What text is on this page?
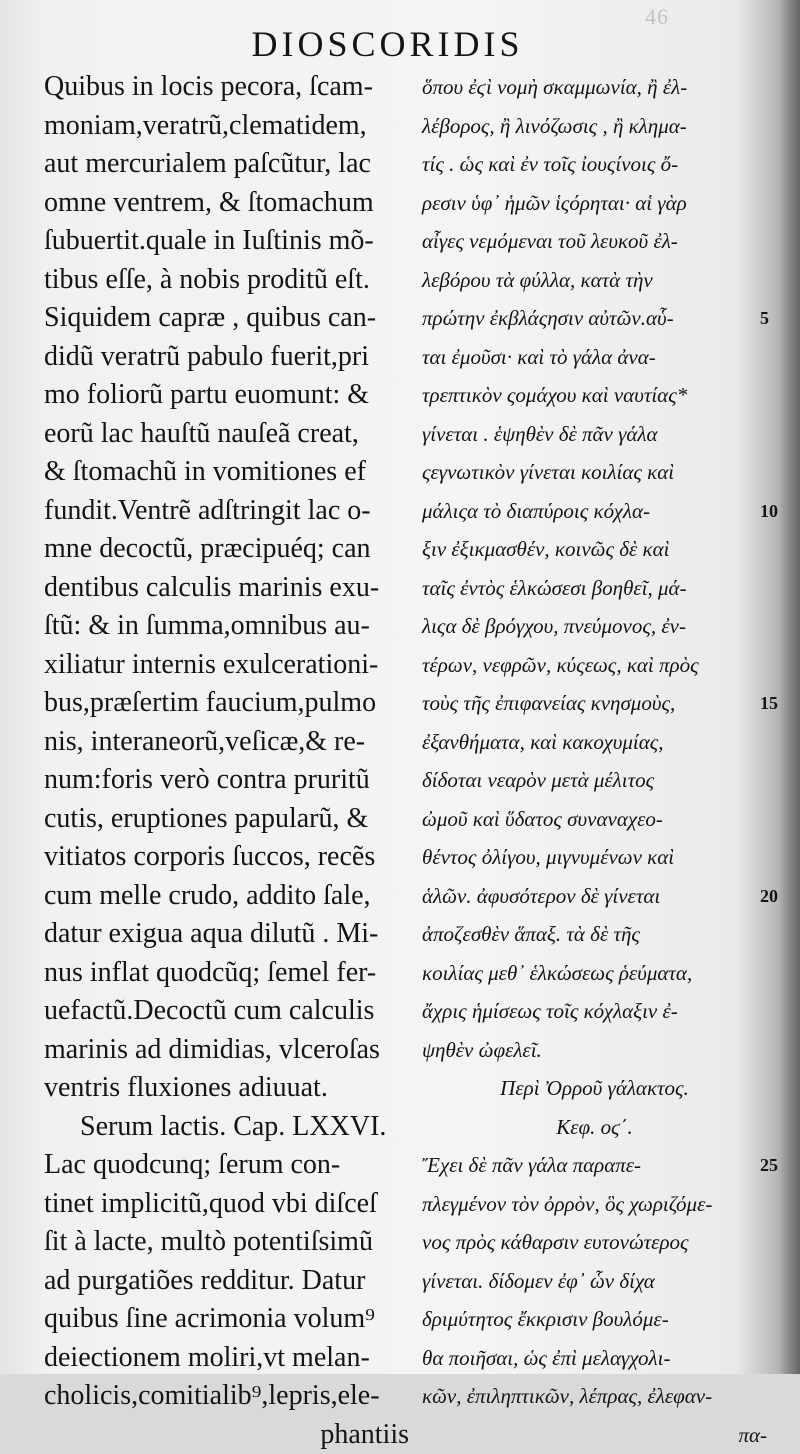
46
DIOSCORIDIS
Quibus in locis pecora, ſcam-
moniam,veratrũ,clematidem,
aut mercurialem paſcũtur, lac
omne ventrem, & ſtomachum
ſubuertit.quale in Iuſtinis mõ-
tibus eſſe, à nobis proditũ eſt.
Siquidem capræ , quibus can-
didũ veratrũ pabulo fuerit,pri
mo foliorũ partu euomunt: &
eorũ lac hauſtũ nauſeã creat,
& ſtomachũ in vomitiones ef
fundit.Ventrẽ adſtringit lac o-
mne decoctũ, præcipuéq; can
dentibus calculis marinis exu-
ſtũ: & in ſumma,omnibus au-
xiliatur internis exulcerationi-
bus,præſertim faucium,pulmo
nis, interaneorũ,veſicæ,& re-
num:foris verò contra pruritũ
cutis, eruptiones papularũ, &
vitiatos corporis ſuccos, recẽs
cum melle crudo, addito ſale,
datur exigua aqua dilutũ . Mi-
nus inflat quodcũq; ſemel fer-
uefactũ.Decoctũ cum calculis
marinis ad dimidias, vlceroſas
ventris fluxiones adiuuat.
Serum lactis. Cap. LXXVI.
Lac quodcunq; ſerum con-
tinet implicitũ,quod vbi diſceſ
ſit à lacte, multò potentiſsimũ
ad purgatiões redditur. Datur
quibus ſine acrimonia volum⁹
deiectionem moliri,vt melan-
cholicis,comitialib⁹,lepris,ele-
phantiis
ὅπου ἐϛὶ νομὴ σκαμμωνία, ἢ ἐλ-
λέβορος, ἢ λινόζωσις , ἢ κλημα-
τίς . ὡς καὶ ἐν τοῖς ἰουςίνοις ὄ-
ρεσιν ὑφ᾽ ἡμῶν ἱςόρηται· αἱ γὰρ
αἶγες νεμόμεναι τοῦ λευκοῦ ἐλ-
λεβόρου τὰ φύλλα, κατὰ τὴν
πρώτην ἐκβλάςησιν αὐτῶν.αὗ-
ται ἐμοῦσι· καὶ τὸ γάλα ἀνα-
τρεπτικὸν ςομάχου καὶ ναυτίας*
γίνεται . ἑψηθὲν δὲ πᾶν γάλα
ςεγνωτικὸν γίνεται κοιλίας καὶ
μάλιςα τὸ διαπύροις κόχλα-
ξιν ἐξικμασθέν, κοινῶς δὲ καὶ
ταῖς ἐντὸς ἑλκώσεσι βοηθεῖ, μά-
λιςα δὲ βρόγχου, πνεύμονος, ἐν-
τέρων, νεφρῶν, κύςεως, καὶ πρὸς
τοὺς τῆς ἐπιφανείας κνησμοὺς,
ἐξανθήματα, καὶ κακοχυμίας,
δίδοται νεαρὸν μετὰ μέλιτος
ὠμοῦ καὶ ὕδατος συναναχεο-
θέντος ὀλίγου, μιγνυμένων καὶ
ἁλῶν. ἀφυσότερον δὲ γίνεται
ἀποζεσθὲν ἅπαξ. τὰ δὲ τῆς
κοιλίας μεθ᾽ ἑλκώσεως ῥεύματα,
ἄχρις ἡμίσεως τοῖς κόχλαξιν ἐ-
ψηθὲν ὠφελεῖ.
Περὶ Ὀρροῦ γάλακτος.
Κεφ. οϛ΄.
Ἔχει δὲ πᾶν γάλα παραπε-
πλεγμένον τὸν ὀρρὸν, ὃς χωριζόμε-
νος πρὸς κάθαρσιν ευτονώτερος
γίνεται. δίδομεν ἐφ᾽ ὧν δίχα
δριμύτητος ἔκκρισιν βουλόμε-
θα ποιῆσαι, ὡς ἐπὶ μελαγχολι-
κῶν, ἐπιληπτικῶν, λέπρας, ἐλεφαν-
πα-
5
10
15
20
25
